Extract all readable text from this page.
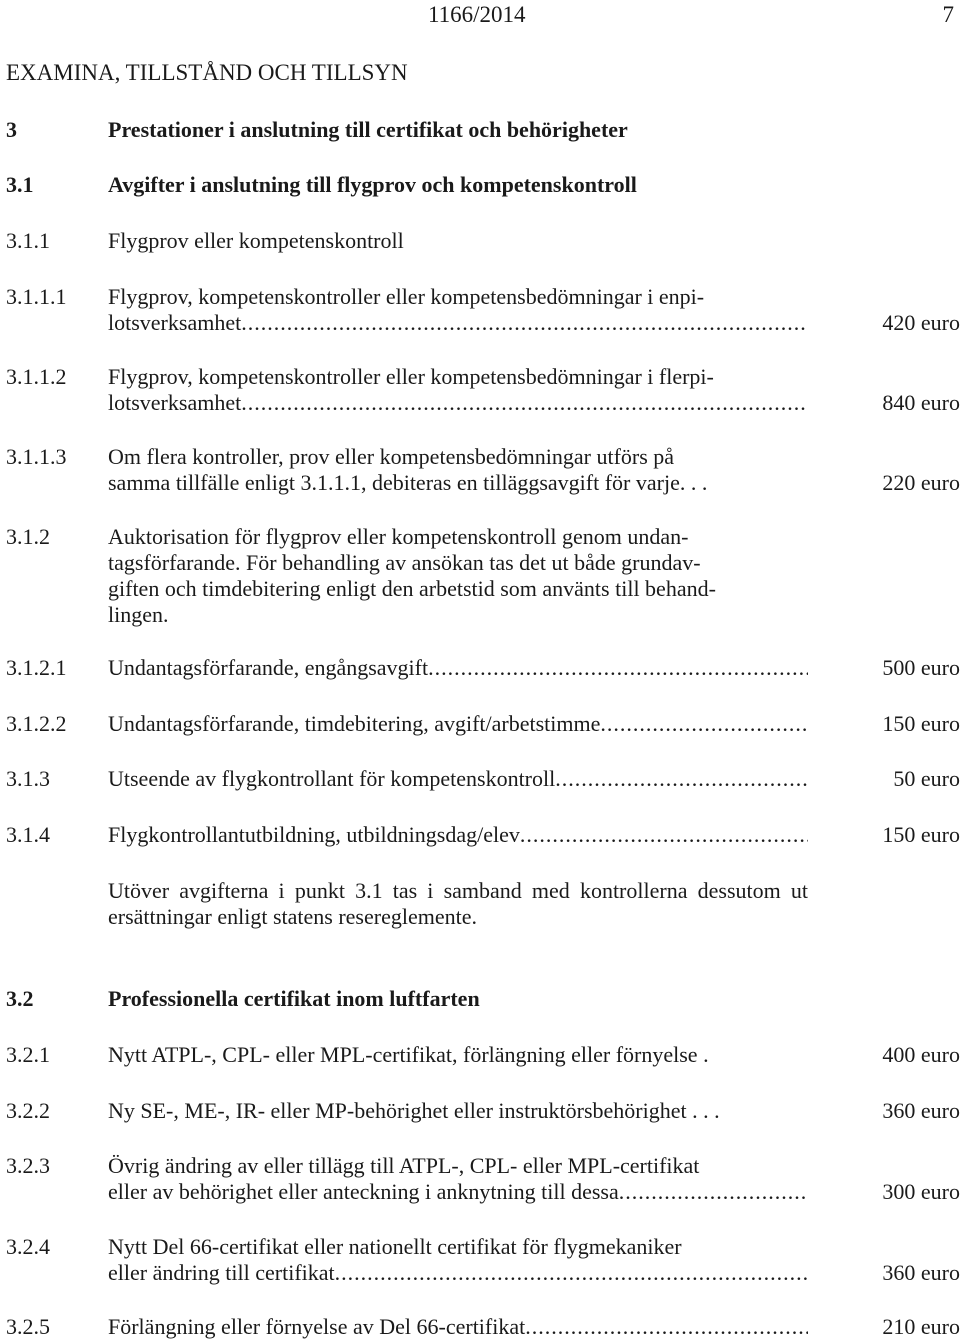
1166/2014	7
EXAMINA, TILLSTÅND OCH TILLSYN
3	Prestationer i anslutning till certifikat och behörigheter
3.1	Avgifter i anslutning till flygprov och kompetenskontroll
3.1.1	Flygprov eller kompetenskontroll
3.1.1.1 Flygprov, kompetenskontroller eller kompetensbedömningar i enpi-
lotsverksamhet .....	420 euro
3.1.1.2 Flygprov, kompetenskontroller eller kompetensbedömningar i flerpi-
lotsverksamhet .....	840 euro
3.1.1.3 Om flera kontroller, prov eller kompetensbedömningar utförs på
samma tillfälle enligt 3.1.1.1, debiteras en tilläggsavgift för varje. . .	220 euro
3.1.2	Auktorisation för flygprov eller kompetenskontroll genom undan-
tagsförfarande. För behandling av ansökan tas det ut både grundav-
giften och timdebitering enligt den arbetstid som använts till behand-
lingen.
3.1.2.1 Undantagsförfarande, engångsavgift .....	500 euro
3.1.2.2 Undantagsförfarande, timdebitering, avgift/arbetstimme .....	150 euro
3.1.3	Utseende av flygkontrollant för kompetenskontroll .....	50 euro
3.1.4	Flygkontrollantutbildning, utbildningsdag/elev .....	150 euro
Utöver avgifterna i punkt 3.1 tas i samband med kontrollerna dessutom ut ersättningar enligt statens resereglemente.
3.2	Professionella certifikat inom luftfarten
3.2.1	Nytt ATPL-, CPL- eller MPL-certifikat, förlängning eller förnyelse .	400 euro
3.2.2	Ny SE-, ME-, IR- eller MP-behörighet eller instruktörsbehörighet . . .	360 euro
3.2.3	Övrig ändring av eller tillägg till ATPL-, CPL- eller MPL-certifikat
eller av behörighet eller anteckning i anknytning till dessa .....	300 euro
3.2.4	Nytt Del 66-certifikat eller nationellt certifikat för flygmekaniker
eller ändring till certifikat .....	360 euro
3.2.5	Förlängning eller förnyelse av Del 66-certifikat .....	210 euro
